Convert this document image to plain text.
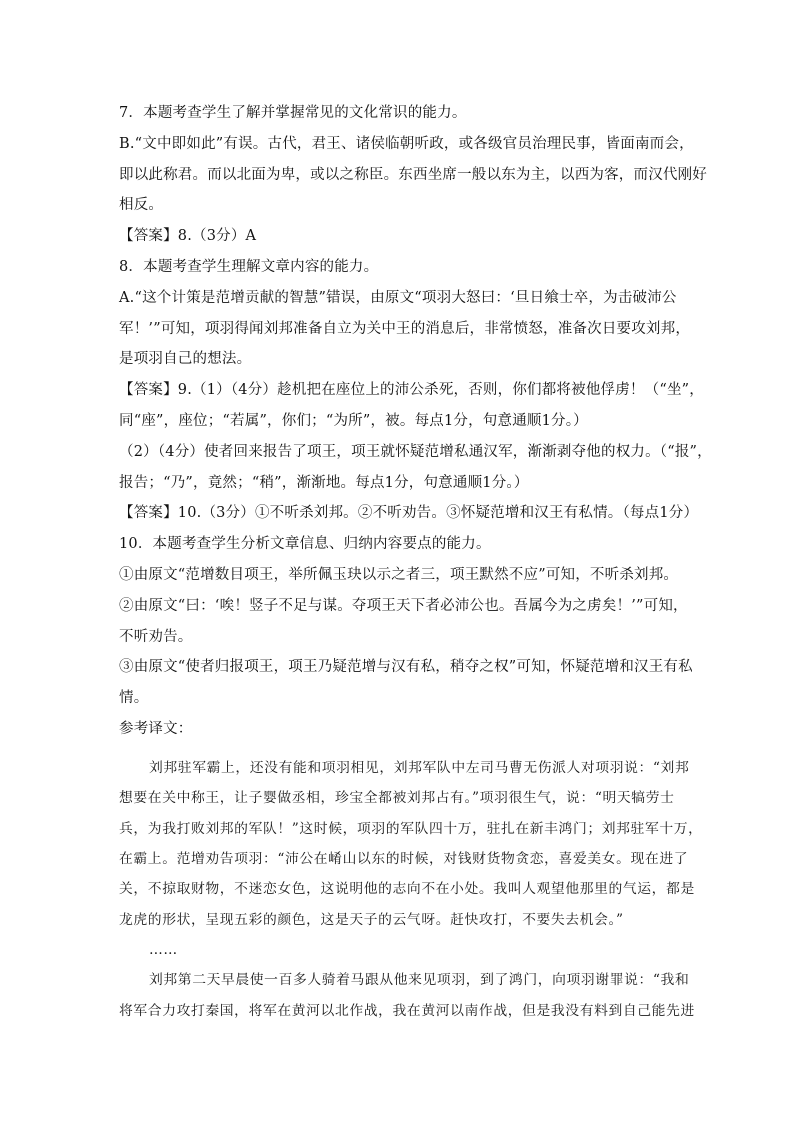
7．本题考查学生了解并掌握常见的文化常识的能力。
B.“文中即如此”有误。古代，君王、诸侯临朝听政，或各级官员治理民事，皆面南而会，
即以此称君。而以北面为卑，或以之称臣。东西坐席一般以东为主，以西为客，而汉代刚好
相反。
【答案】8.（3分）A
8．本题考查学生理解文章内容的能力。
A.“这个计策是范增贡献的智慧”错误，由原文“项羽大怒曰：‘旦日飨士卒，为击破沛公
军！’”可知，项羽得闻刘邦准备自立为关中王的消息后，非常愤怒，准备次日要攻刘邦，
是项羽自己的想法。
【答案】9.（1）（4分）趁机把在座位上的沛公杀死，否则，你们都将被他俘虏！（“坐”，
同“座”，座位；“若属”，你们；“为所”，被。每点1分，句意通顺1分。）
（2）（4分）使者回来报告了项王，项王就怀疑范增私通汉军，渐渐剥夺他的权力。（“报”，
报告；“乃”，竟然；“稍”，渐渐地。每点1分，句意通顺1分。）
【答案】10.（3分）①不听杀刘邦。②不听劝告。③怀疑范增和汉王有私情。（每点1分）
10．本题考查学生分析文章信息、归纳内容要点的能力。
①由原文“范增数目项王，举所佩玉玦以示之者三，项王默然不应”可知，不听杀刘邦。
②由原文“曰：‘唉！竖子不足与谋。夺项王天下者必沛公也。吾属今为之虏矣！’”可知，
不听劝告。
③由原文“使者归报项王，项王乃疑范增与汉有私，稍夺之权”可知，怀疑范增和汉王有私
情。
参考译文：
刘邦驻军霸上，还没有能和项羽相见，刘邦军队中左司马曹无伤派人对项羽说：“刘邦
想要在关中称王，让子婴做丞相，珍宝全都被刘邦占有。”项羽很生气，说：“明天犒劳士
兵，为我打败刘邦的军队！”这时候，项羽的军队四十万，驻扎在新丰鸿门；刘邦驻军十万，
在霸上。范增劝告项羽：“沛公在崤山以东的时候，对钱财货物贪恋，喜爱美女。现在进了
关，不掠取财物，不迷恋女色，这说明他的志向不在小处。我叫人观望他那里的气运，都是
龙虎的形状，呈现五彩的颜色，这是天子的云气呀。赶快攻打，不要失去机会。”
……
刘邦第二天早晨使一百多人骑着马跟从他来见项羽，到了鸿门，向项羽谢罪说：“我和
将军合力攻打秦国，将军在黄河以北作战，我在黄河以南作战，但是我没有料到自己能先进
